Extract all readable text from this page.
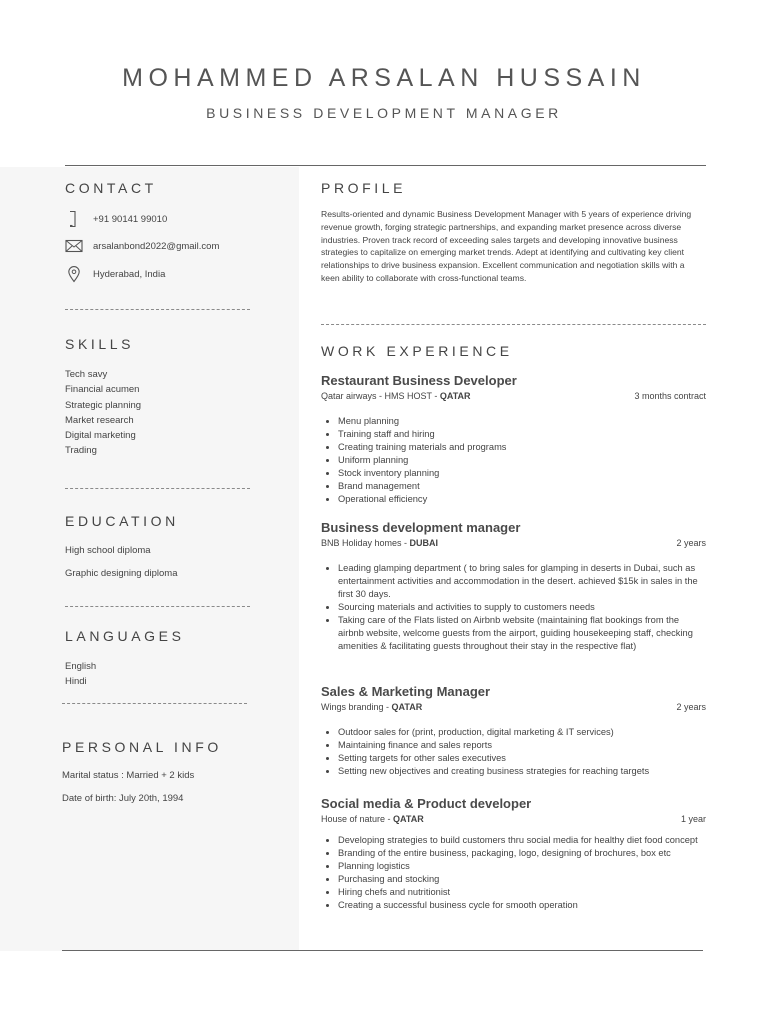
MOHAMMED ARSALAN HUSSAIN
BUSINESS DEVELOPMENT MANAGER
CONTACT
+91 90141 99010
arsalanbond2022@gmail.com
Hyderabad, India
SKILLS
Tech savy
Financial acumen
Strategic planning
Market research
Digital marketing
Trading
EDUCATION
High school diploma
Graphic designing diploma
LANGUAGES
English
Hindi
PERSONAL INFO
Marital status : Married + 2 kids
Date of birth: July 20th, 1994
PROFILE

Results-oriented and dynamic Business Development Manager with 5 years of experience driving revenue growth, forging strategic partnerships, and expanding market presence across diverse industries. Proven track record of exceeding sales targets and developing innovative business strategies to capitalize on emerging market trends. Adept at identifying and cultivating key client relationships to drive business expansion. Excellent communication and negotiation skills with a keen ability to collaborate with cross-functional teams.

WORK EXPERIENCE
Restaurant Business Developer
Qatar airways - HMS HOST - QATAR	3 months contract
• Menu planning
• Training staff and hiring
• Creating training materials and programs
• Uniform planning
• Stock inventory planning
• Brand management
• Operational efficiency
Business development manager
BNB Holiday homes - DUBAI	2 years
• Leading glamping department ( to bring sales for glamping in deserts in Dubai, such as entertainment activities and accommodation in the desert. achieved $15k in sales in the first 30 days.
• Sourcing materials and activities to supply to customers needs
• Taking care of the Flats listed on Airbnb website (maintaining flat bookings from the airbnb website, welcome guests from the airport, guiding housekeeping staff, checking amenities & facilitating guests throughout their stay in the respective flat)
Sales & Marketing Manager
Wings branding - QATAR	2 years
• Outdoor sales for (print, production, digital marketing & IT services)
• Maintaining finance and sales reports
• Setting targets for other sales executives
• Setting new objectives and creating business strategies for reaching targets
Social media & Product developer
House of nature - QATAR	1 year
• Developing strategies to build customers thru social media for healthy diet food concept
• Branding of the entire business, packaging, logo, designing of brochures, box etc
• Planning logistics
• Purchasing and stocking
• Hiring chefs and nutritionist
• Creating a successful business cycle for smooth operation
